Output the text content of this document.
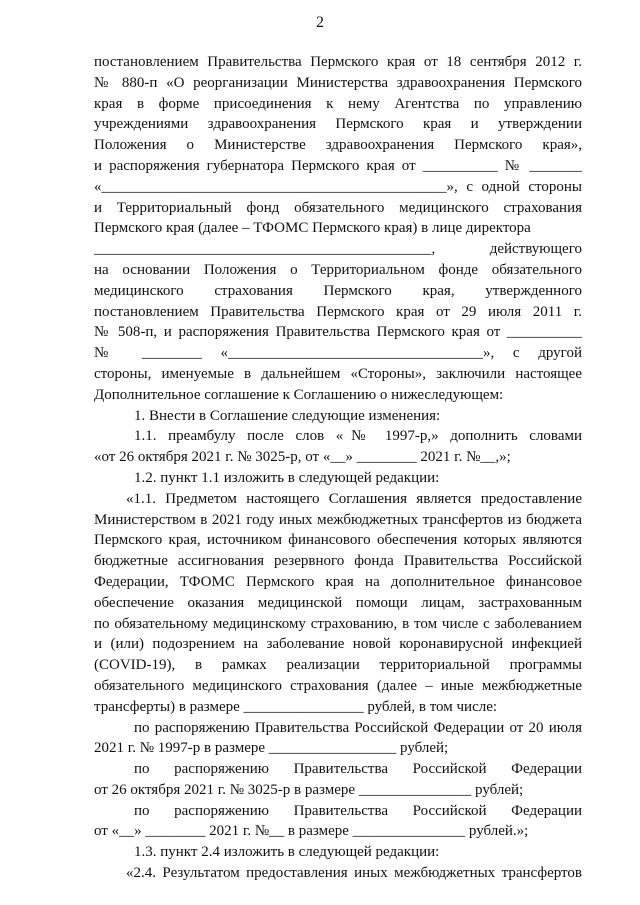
2
постановлением Правительства Пермского края от 18 сентября 2012 г.
№ 880-п «О реорганизации Министерства здравоохранения Пермского
края в форме присоединения к нему Агентства по управлению
учреждениями здравоохранения Пермского края и утверждении
Положения о Министерстве здравоохранения Пермского края»,
и распоряжения губернатора Пермского края от __________ № _______
«______________________________________________», с одной стороны
и Территориальный фонд обязательного медицинского страхования
Пермского края (далее – ТФОМС Пермского края) в лице директора
_____________________________________________, действующего
на основании Положения о Территориальном фонде обязательного
медицинского страхования Пермского края, утвержденного
постановлением Правительства Пермского края от 29 июля 2011 г.
№ 508-п, и распоряжения Правительства Пермского края от __________
№ ________ «__________________________________», с другой
стороны, именуемые в дальнейшем «Стороны», заключили настоящее
Дополнительное соглашение к Соглашению о нижеследующем:
1. Внести в Соглашение следующие изменения:
1.1. преамбулу после слов «№ 1997-р,» дополнить словами
«от 26 октября 2021 г. № 3025-р, от «__» ________ 2021 г. №__,»;
1.2. пункт 1.1 изложить в следующей редакции:
«1.1. Предметом настоящего Соглашения является предоставление
Министерством в 2021 году иных межбюджетных трансфертов из бюджета
Пермского края, источником финансового обеспечения которых являются
бюджетные ассигнования резервного фонда Правительства Российской
Федерации, ТФОМС Пермского края на дополнительное финансовое
обеспечение оказания медицинской помощи лицам, застрахованным
по обязательному медицинскому страхованию, в том числе с заболеванием
и (или) подозрением на заболевание новой коронавирусной инфекцией
(COVID-19), в рамках реализации территориальной программы
обязательного медицинского страхования (далее – иные межбюджетные
трансферты) в размере ________________ рублей, в том числе:
по распоряжению Правительства Российской Федерации от 20 июля
2021 г. № 1997-р в размере _________________ рублей;
по распоряжению Правительства Российской Федерации
от 26 октября 2021 г. № 3025-р в размере _______________ рублей;
по распоряжению Правительства Российской Федерации
от «__» ________ 2021 г. №__ в размере _______________ рублей.»;
1.3. пункт 2.4 изложить в следующей редакции:
«2.4. Результатом предоставления иных межбюджетных трансфертов
